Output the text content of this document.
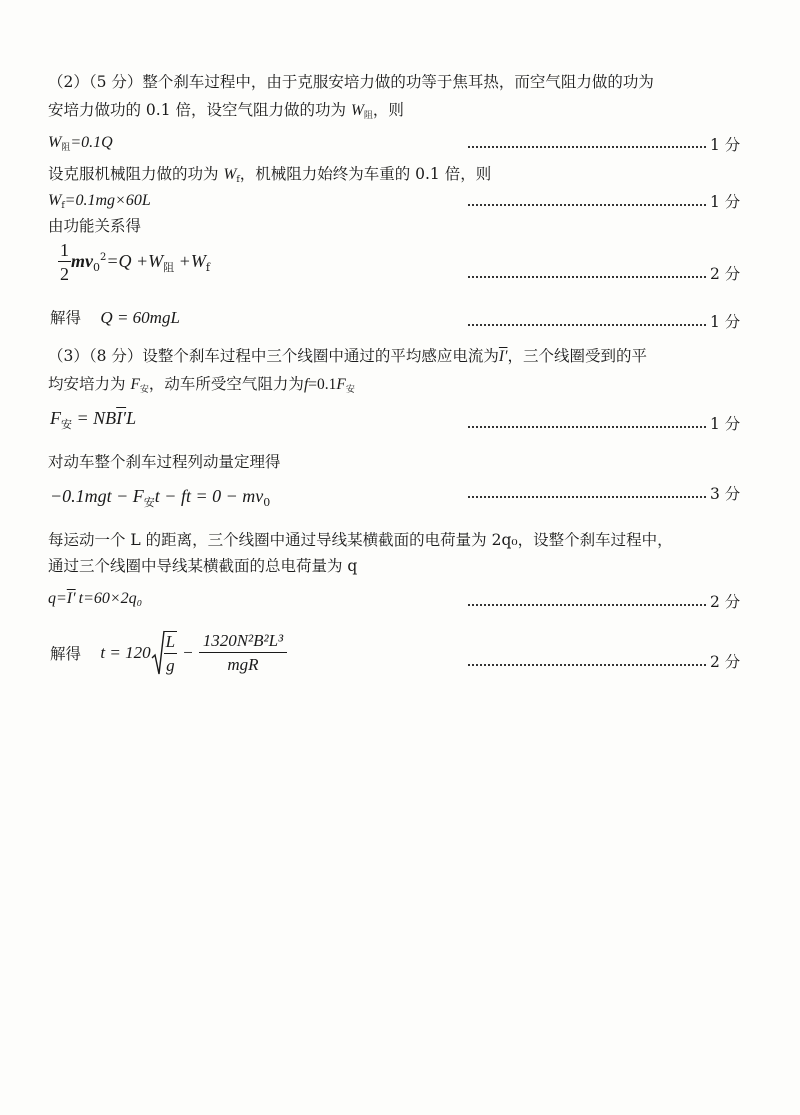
（2）（5 分）整个刹车过程中，由于克服安培力做的功等于焦耳热，而空气阻力做的功为
安培力做功的 0.1 倍，设空气阻力做的功为 $W_阻$，则
$W_阻=0.1Q$	1 分
设克服机械阻力做的功为 $W_f$，机械阻力始终为车重的 0.1 倍，则
$W_f=0.1mg\times 60L$	1 分
由功能关系得
$\frac{1}{2} mv_0^2=Q +W_阻 +W_f$	2 分
解得 Q = 60mgL	1 分
（3）（8 分）设整个刹车过程中三个线圈中通过的平均感应电流为I′，三个线圈受到的平
均安培力为 $F_安$，动车所受空气阻力为$f=0.1F_安$
$F_安 = NBI'L$	1 分
对动车整个刹车过程列动量定理得
$-0.1mgt - F_安t$ − ft = $0 - mv_0$	3 分
每运动一个 L 的距离，三个线圈中通过导线某横截面的电荷量为 2q₀，设整个刹车过程中，
通过三个线圈中导线某横截面的总电荷量为 q
q=I′ t=60×2q₀	2 分
解得 $t = 120 \frac{L}{g} - \frac{\text{1320N²B²L³}}{\text{mgR}}$	2 分
